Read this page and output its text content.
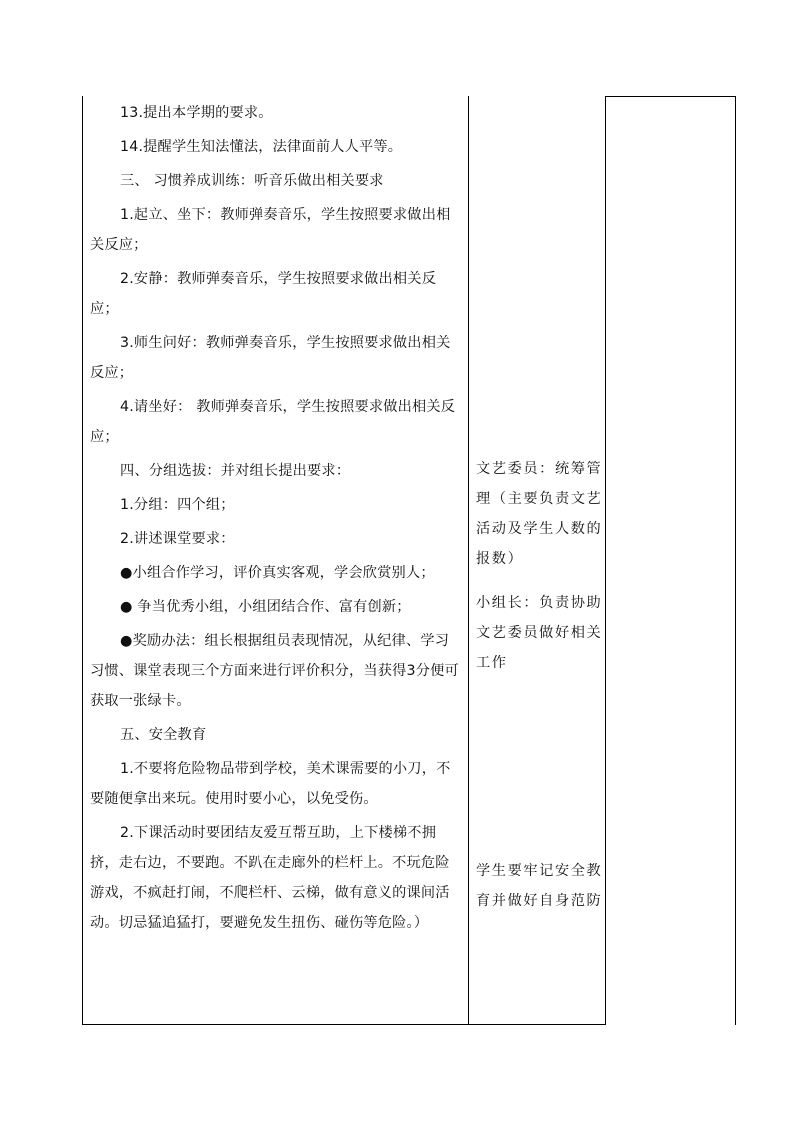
13.提出本学期的要求。

14.提醒学生知法懂法，法律面前人人平等。

三、 习惯养成训练：听音乐做出相关要求

1.起立、坐下：教师弹奏音乐，学生按照要求做出相关反应；

2.安静：教师弹奏音乐，学生按照要求做出相关反应；

3.师生问好：教师弹奏音乐，学生按照要求做出相关反应；

4.请坐好： 教师弹奏音乐，学生按照要求做出相关反应；

四、分组选拔：并对组长提出要求：

1.分组：四个组；

2.讲述课堂要求：

●小组合作学习，评价真实客观，学会欣赏别人；

● 争当优秀小组，小组团结合作、富有创新；

●奖励办法：组长根据组员表现情况，从纪律、学习习惯、课堂表现三个方面来进行评价积分，当获得3分便可获取一张绿卡。

五、安全教育

1.不要将危险物品带到学校，美术课需要的小刀，不要随便拿出来玩。使用时要小心，以免受伤。

2.下课活动时要团结友爱互帮互助，上下楼梯不拥挤，走右边，不要跑。不趴在走廊外的栏杆上。不玩危险游戏，不疯赶打闹，不爬栏杆、云梯，做有意义的课间活动。切忌猛追猛打，要避免发生扭伤、碰伤等危险。）

文艺委员：统筹管理（主要负责文艺活动及学生人数的报数）

小组长：负责协助文艺委员做好相关工作

学生要牢记安全教育并做好自身范防
